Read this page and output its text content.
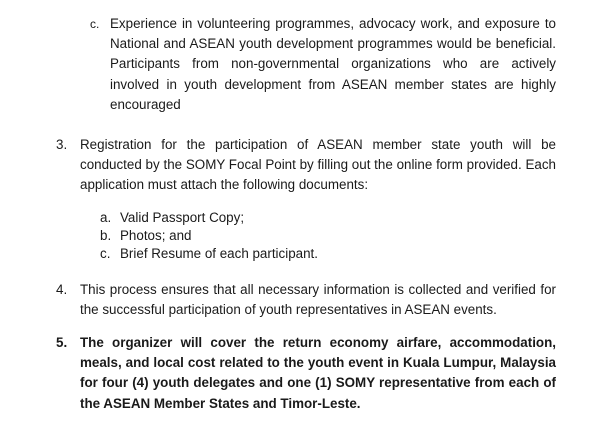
c. Experience in volunteering programmes, advocacy work, and exposure to National and ASEAN youth development programmes would be beneficial. Participants from non-governmental organizations who are actively involved in youth development from ASEAN member states are highly encouraged

3. Registration for the participation of ASEAN member state youth will be conducted by the SOMY Focal Point by filling out the online form provided. Each application must attach the following documents:

a. Valid Passport Copy;
b. Photos; and
c. Brief Resume of each participant.
4. This process ensures that all necessary information is collected and verified for the successful participation of youth representatives in ASEAN events.

5. The organizer will cover the return economy airfare, accommodation, meals, and local cost related to the youth event in Kuala Lumpur, Malaysia for four (4) youth delegates and one (1) SOMY representative from each of the ASEAN Member States and Timor-Leste.
